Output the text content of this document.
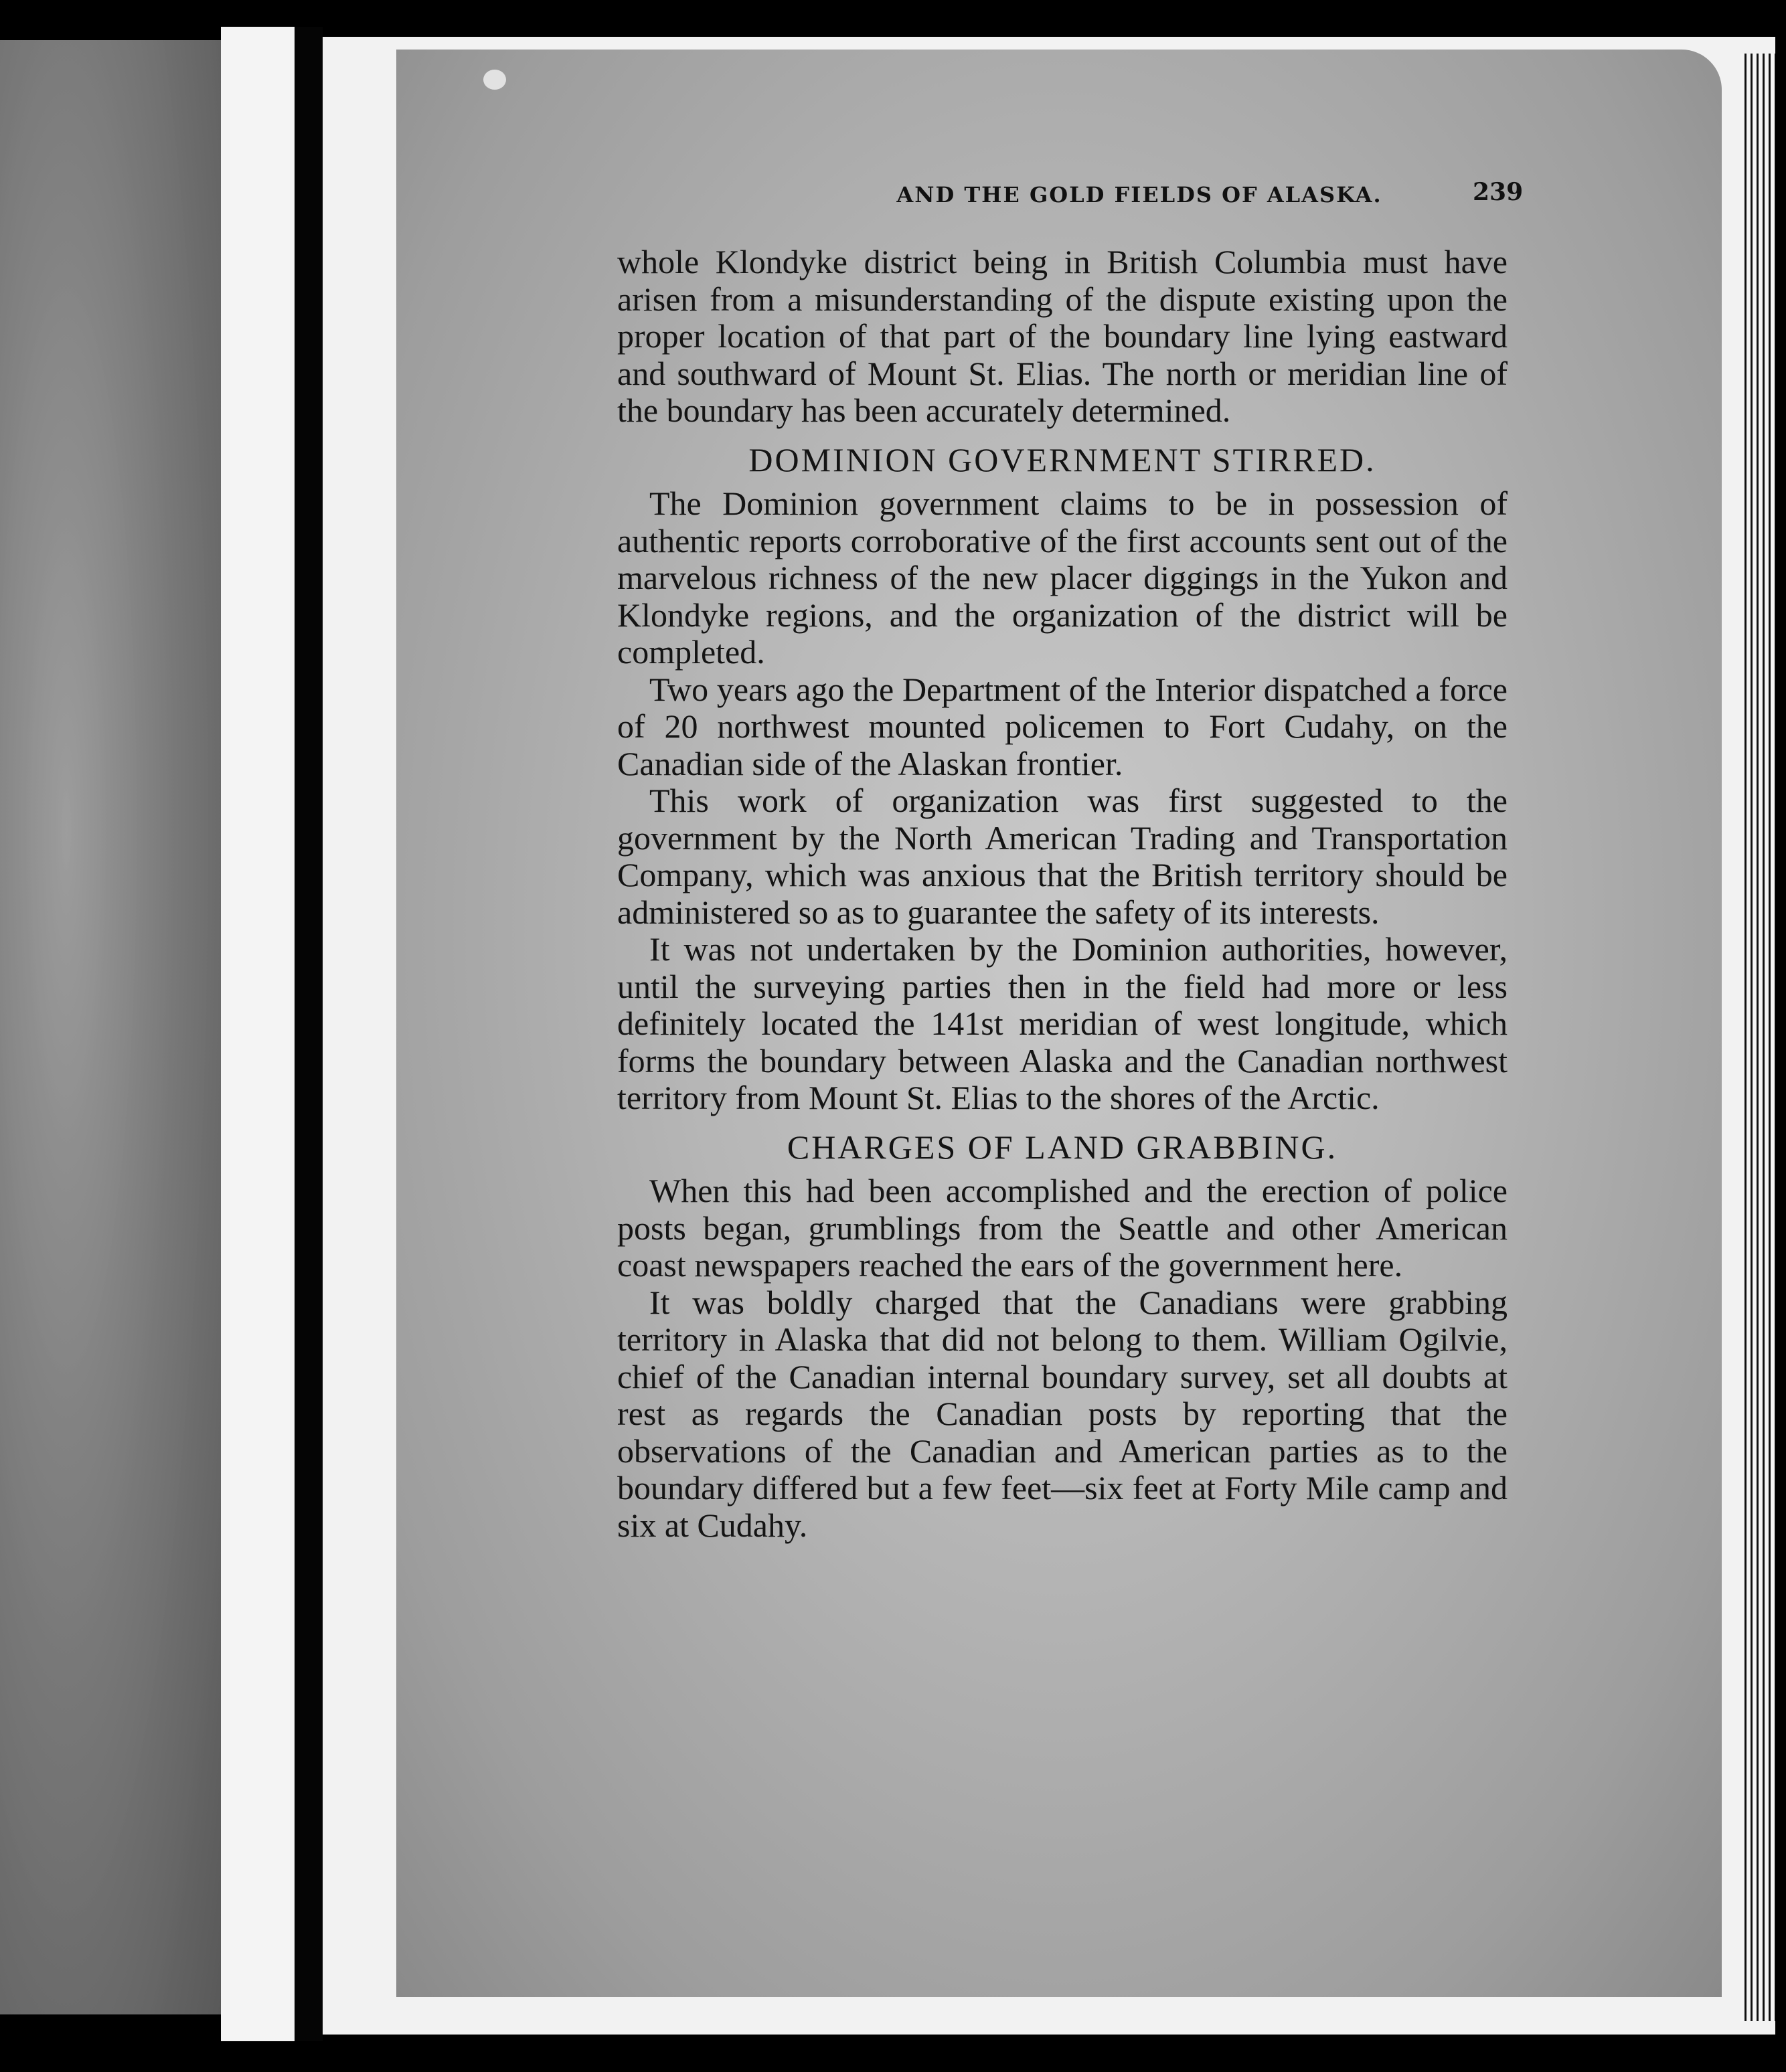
AND THE GOLD FIELDS OF ALASKA.	239

whole Klondyke district being in British Columbia must have arisen from a misunderstanding of the dispute existing upon the proper location of that part of the boundary line lying eastward and southward of Mount St. Elias. The north or meridian line of the boundary has been accurately determined.

DOMINION GOVERNMENT STIRRED.

The Dominion government claims to be in possession of authentic reports corroborative of the first accounts sent out of the marvelous richness of the new placer diggings in the Yukon and Klondyke regions, and the organization of the district will be completed.

Two years ago the Department of the Interior dispatched a force of 20 northwest mounted policemen to Fort Cudahy, on the Canadian side of the Alaskan frontier.

This work of organization was first suggested to the government by the North American Trading and Transportation Company, which was anxious that the British territory should be administered so as to guarantee the safety of its interests.

It was not undertaken by the Dominion authorities, however, until the surveying parties then in the field had more or less definitely located the 141st meridian of west longitude, which forms the boundary between Alaska and the Canadian northwest territory from Mount St. Elias to the shores of the Arctic.

CHARGES OF LAND GRABBING.

When this had been accomplished and the erection of police posts began, grumblings from the Seattle and other American coast newspapers reached the ears of the government here.

It was boldly charged that the Canadians were grabbing territory in Alaska that did not belong to them. William Ogilvie, chief of the Canadian internal boundary survey, set all doubts at rest as regards the Canadian posts by reporting that the observations of the Canadian and American parties as to the boundary differed but a few feet—six feet at Forty Mile camp and six at Cudahy.
